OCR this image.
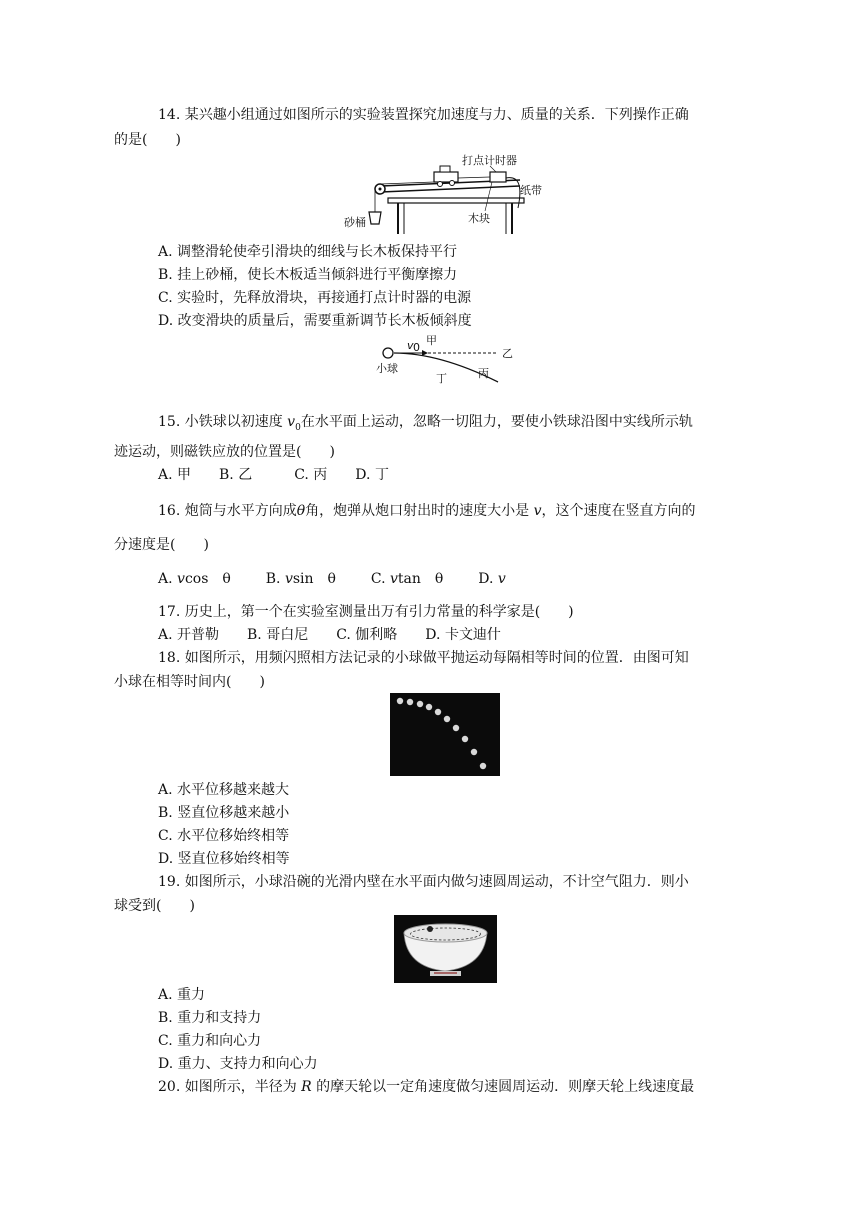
14. 某兴趣小组通过如图所示的实验装置探究加速度与力、质量的关系．下列操作正确
的是(　　)
打点计时器
纸带
木块
砂桶
A. 调整滑轮使牵引滑块的细线与长木板保持平行
B. 挂上砂桶，使长木板适当倾斜进行平衡摩擦力
C. 实验时，先释放滑块，再接通打点计时器的电源
D. 改变滑块的质量后，需要重新调节长木板倾斜度
v 0
甲
乙
丙
丁
小球
15. 小铁球以初速度 $v_0$在水平面上运动，忽略一切阻力，要使小铁球沿图中实线所示轨
迹运动，则磁铁应放的位置是(　　)
A. 甲　　B. 乙　　　C. 丙　　D. 丁
16. 炮筒与水平方向成θ角，炮弹从炮口射出时的速度大小是 v，这个速度在竖直方向的
分速度是(　　)
A. vcos　θ B. vsin　θ C. vtan　θ D. v
17. 历史上，第一个在实验室测量出万有引力常量的科学家是(　　)
A. 开普勒　　B. 哥白尼　　C. 伽利略　　D. 卡文迪什
18. 如图所示，用频闪照相方法记录的小球做平抛运动每隔相等时间的位置．由图可知
小球在相等时间内(　　)
A. 水平位移越来越大
B. 竖直位移越来越小
C. 水平位移始终相等
D. 竖直位移始终相等
19. 如图所示，小球沿碗的光滑内壁在水平面内做匀速圆周运动，不计空气阻力．则小
球受到(　　)
A. 重力
B. 重力和支持力
C. 重力和向心力
D. 重力、支持力和向心力
20. 如图所示，半径为 R 的摩天轮以一定角速度做匀速圆周运动．则摩天轮上线速度最
